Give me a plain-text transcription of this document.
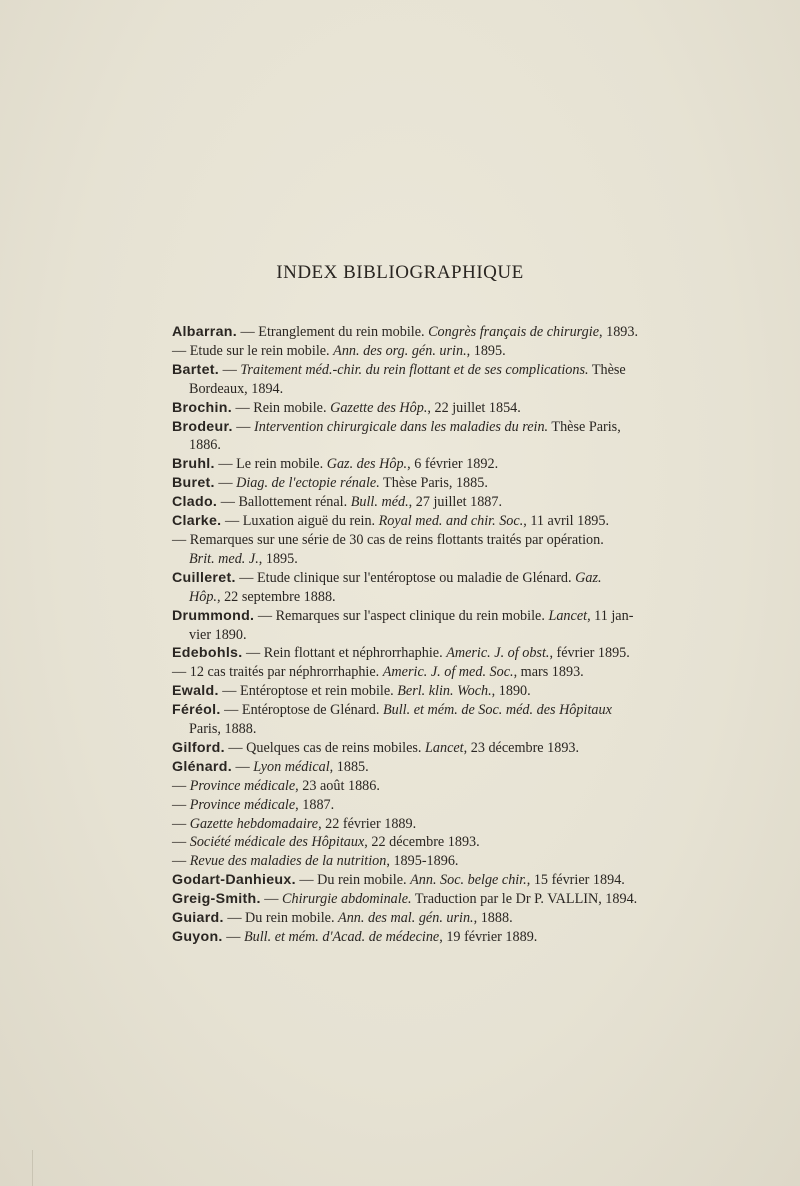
INDEX BIBLIOGRAPHIQUE
Albarran. — Etranglement du rein mobile. Congrès français de chirurgie, 1893.
— Etude sur le rein mobile. Ann. des org. gén. urin., 1895.
Bartet. — Traitement méd.-chir. du rein flottant et de ses complications. Thèse
Bordeaux, 1894.
Brochin. — Rein mobile. Gazette des Hôp., 22 juillet 1854.
Brodeur. — Intervention chirurgicale dans les maladies du rein. Thèse Paris,
1886.
Bruhl. — Le rein mobile. Gaz. des Hôp., 6 février 1892.
Buret. — Diag. de l'ectopie rénale. Thèse Paris, 1885.
Clado. — Ballottement rénal. Bull. méd., 27 juillet 1887.
Clarke. — Luxation aiguë du rein. Royal med. and chir. Soc., 11 avril 1895.
— Remarques sur une série de 30 cas de reins flottants traités par opération.
Brit. med. J., 1895.
Cuilleret. — Etude clinique sur l'entéroptose ou maladie de Glénard. Gaz.
Hôp., 22 septembre 1888.
Drummond. — Remarques sur l'aspect clinique du rein mobile. Lancet, 11 jan-
vier 1890.
Edebohls. — Rein flottant et néphrorrhaphie. Americ. J. of obst., février 1895.
— 12 cas traités par néphrorrhaphie. Americ. J. of med. Soc., mars 1893.
Ewald. — Entéroptose et rein mobile. Berl. klin. Woch., 1890.
Féréol. — Entéroptose de Glénard. Bull. et mém. de Soc. méd. des Hôpitaux
Paris, 1888.
Gilford. — Quelques cas de reins mobiles. Lancet, 23 décembre 1893.
Glénard. — Lyon médical, 1885.
— Province médicale, 23 août 1886.
— Province médicale, 1887.
— Gazette hebdomadaire, 22 février 1889.
— Société médicale des Hôpitaux, 22 décembre 1893.
— Revue des maladies de la nutrition, 1895-1896.
Godart-Danhieux. — Du rein mobile. Ann. Soc. belge chir., 15 février 1894.
Greig-Smith. — Chirurgie abdominale. Traduction par le Dr P. VALLIN, 1894.
Guiard. — Du rein mobile. Ann. des mal. gén. urin., 1888.
Guyon. — Bull. et mém. d'Acad. de médecine, 19 février 1889.
